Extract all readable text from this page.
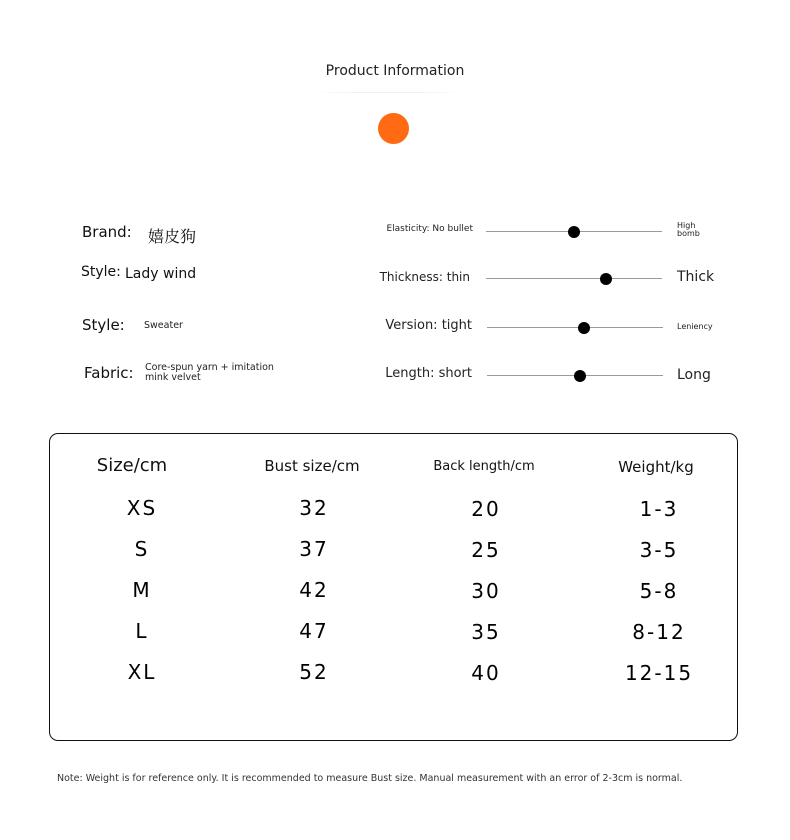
Product Information
Brand: 嬉皮狗
Style: Lady wind
Style: Sweater
Fabric: Core-spun yarn + imitation
mink velvet
Elasticity: No bullet	High
bomb
Thickness: thin	Thick
Version: tight	Leniency
Length: short	Long
Size/cm	Bust size/cm	Back length/cm	Weight/kg
XS	32	20	1-3
S	37	25	3-5
M	42	30	5-8
L	47	35	8-12
XL	52	40	12-15
Note: Weight is for reference only. It is recommended to measure Bust size. Manual measurement with an error of 2-3cm is normal.
